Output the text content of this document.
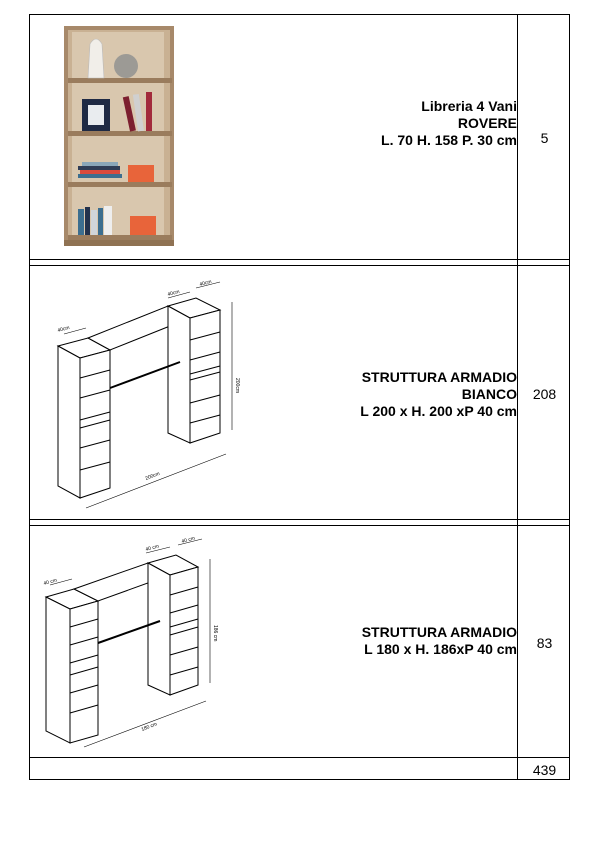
Libreria 4 Vani
ROVERE
L. 70 H. 158 P. 30 cm	5
40cm
40cm
40cm
200cm
200cm
STRUTTURA ARMADIO
BIANCO
L 200 x H. 200 xP 40 cm
208
40 cm
40 cm
40 cm
186 cm
180 cm
STRUTTURA ARMADIO
L 180 x H. 186xP 40 cm	83
439
